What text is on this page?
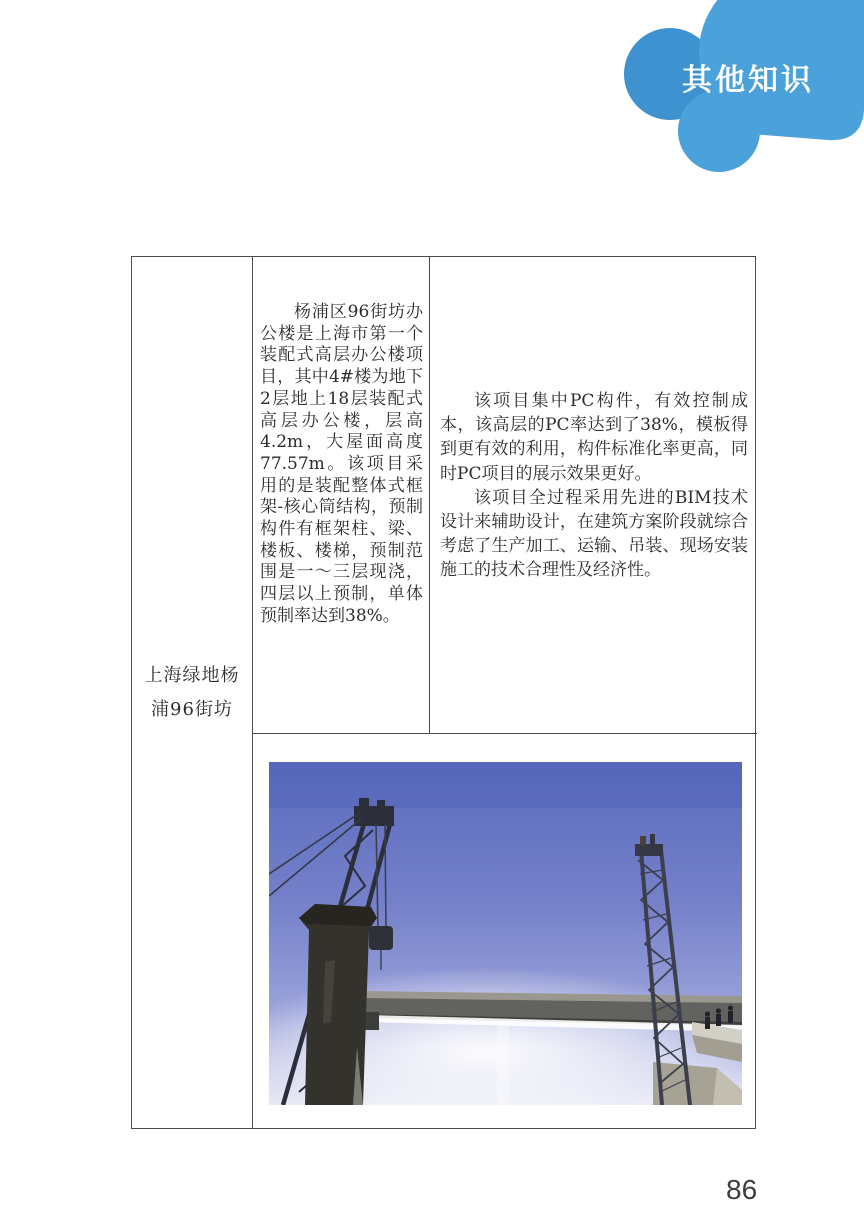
其他知识
上海绿地杨浦96街坊

杨浦区96街坊办公楼是上海市第一个装配式高层办公楼项目，其中4#楼为地下2层地上18层装配式高层办公楼，层高4.2m，大屋面高度77.57m。该项目采用的是装配整体式框架-核心筒结构，预制构件有框架柱、梁、楼板、楼梯，预制范围是一～三层现浇，四层以上预制，单体预制率达到38%。

该项目集中PC构件，有效控制成本，该高层的PC率达到了38%，模板得到更有效的利用，构件标准化率更高，同时PC项目的展示效果更好。

该项目全过程采用先进的BIM技术设计来辅助设计，在建筑方案阶段就综合考虑了生产加工、运输、吊装、现场安装施工的技术合理性及经济性。

86
